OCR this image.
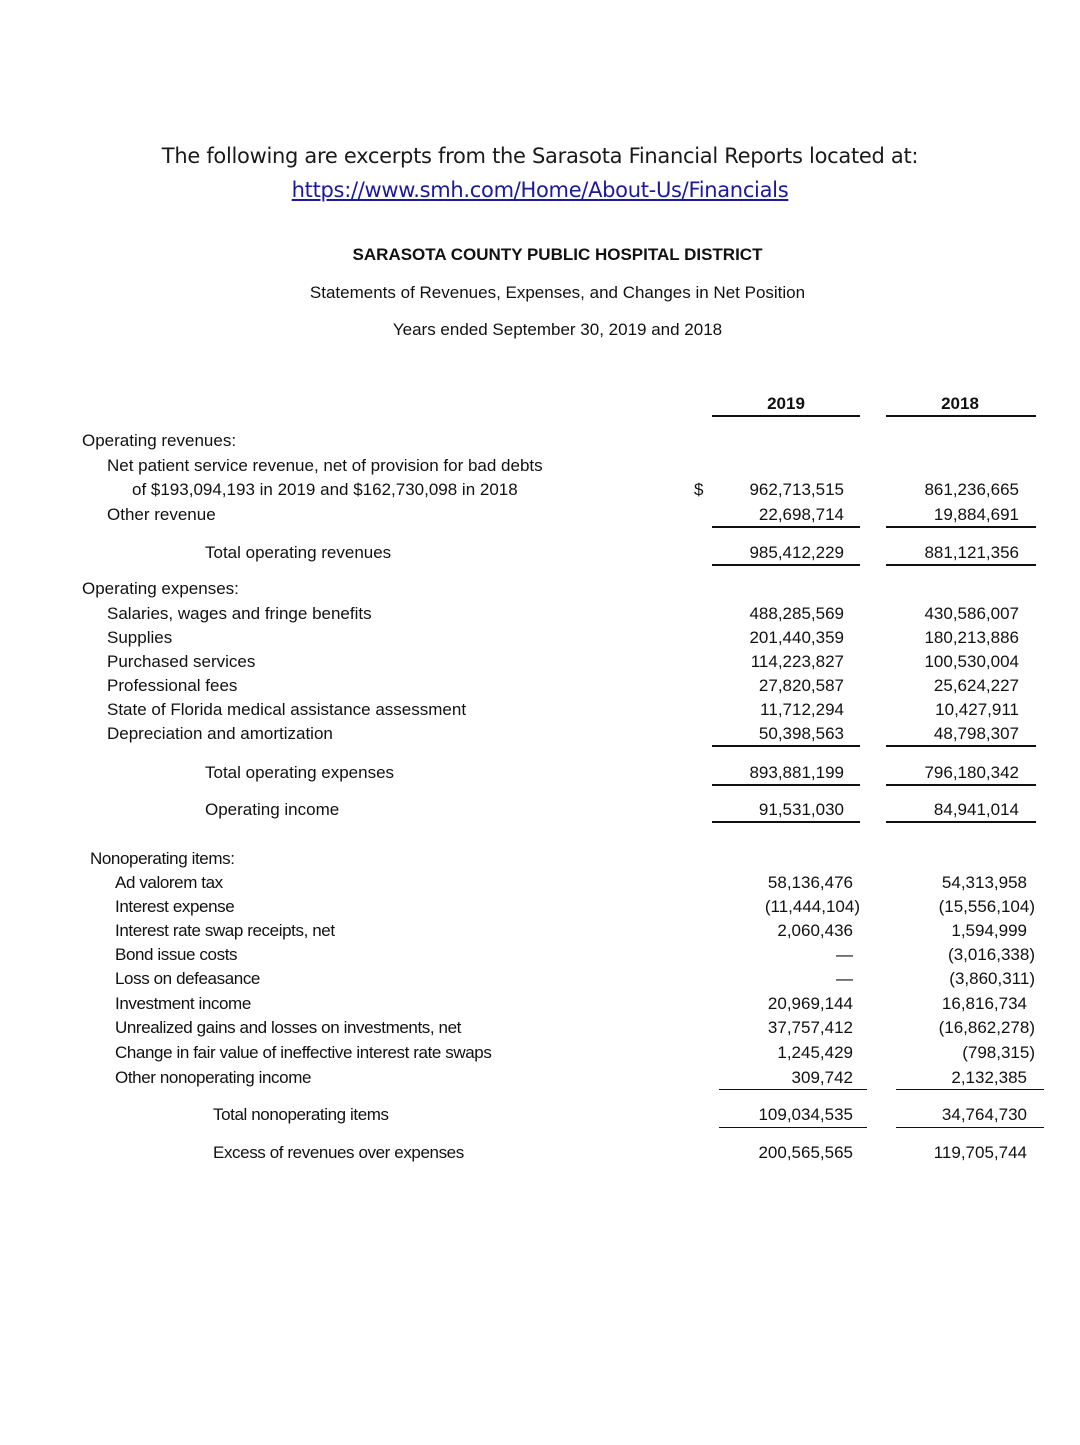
The following are excerpts from the Sarasota Financial Reports located at:
https://www.smh.com/Home/About-Us/Financials
SARASOTA COUNTY PUBLIC HOSPITAL DISTRICT
Statements of Revenues, Expenses, and Changes in Net Position
Years ended September 30, 2019 and 2018
2019	2018
Operating revenues:
Net patient service revenue, net of provision for bad debts
of $193,094,193 in 2019 and $162,730,098 in 2018	$	962,713,515	861,236,665
Other revenue	22,698,714	19,884,691
Total operating revenues	985,412,229	881,121,356
Operating expenses:
Salaries, wages and fringe benefits	488,285,569	430,586,007
Supplies	201,440,359	180,213,886
Purchased services	114,223,827	100,530,004
Professional fees	27,820,587	25,624,227
State of Florida medical assistance assessment	11,712,294	10,427,911
Depreciation and amortization	50,398,563	48,798,307
Total operating expenses	893,881,199	796,180,342
Operating income	91,531,030	84,941,014
Nonoperating items:
Ad valorem tax	58,136,476	54,313,958
Interest expense	(11,444,104)	(15,556,104)
Interest rate swap receipts, net	2,060,436	1,594,999
Bond issue costs	—	(3,016,338)
Loss on defeasance	—	(3,860,311)
Investment income	20,969,144	16,816,734
Unrealized gains and losses on investments, net	37,757,412	(16,862,278)
Change in fair value of ineffective interest rate swaps	1,245,429	(798,315)
Other nonoperating income	309,742	2,132,385
Total nonoperating items	109,034,535	34,764,730
Excess of revenues over expenses	200,565,565	119,705,744
